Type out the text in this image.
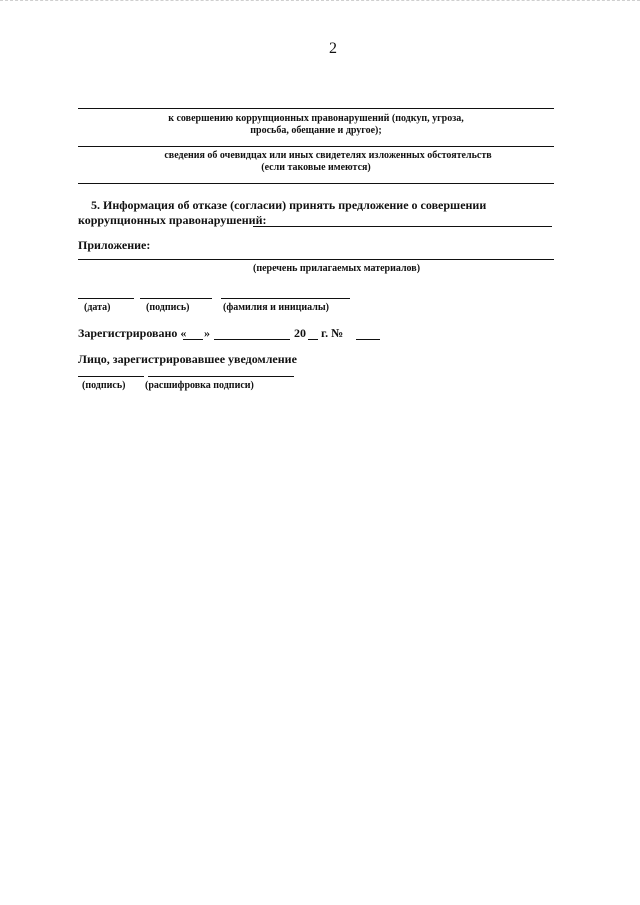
2
к совершению коррупционных правонарушений (подкуп, угроза,
просьба, обещание и другое);
сведения об очевидцах или иных свидетелях изложенных обстоятельств
(если таковые имеются)
5. Информация об отказе (согласии) принять предложение о совершении
коррупционных правонарушений:
Приложение:
(перечень прилагаемых материалов)
(дата)	(подпись)	(фамилия и инициалы)
Зарегистрировано « »	20 г. №
Лицо, зарегистрировавшее уведомление
(подпись) (расшифровка подписи)
